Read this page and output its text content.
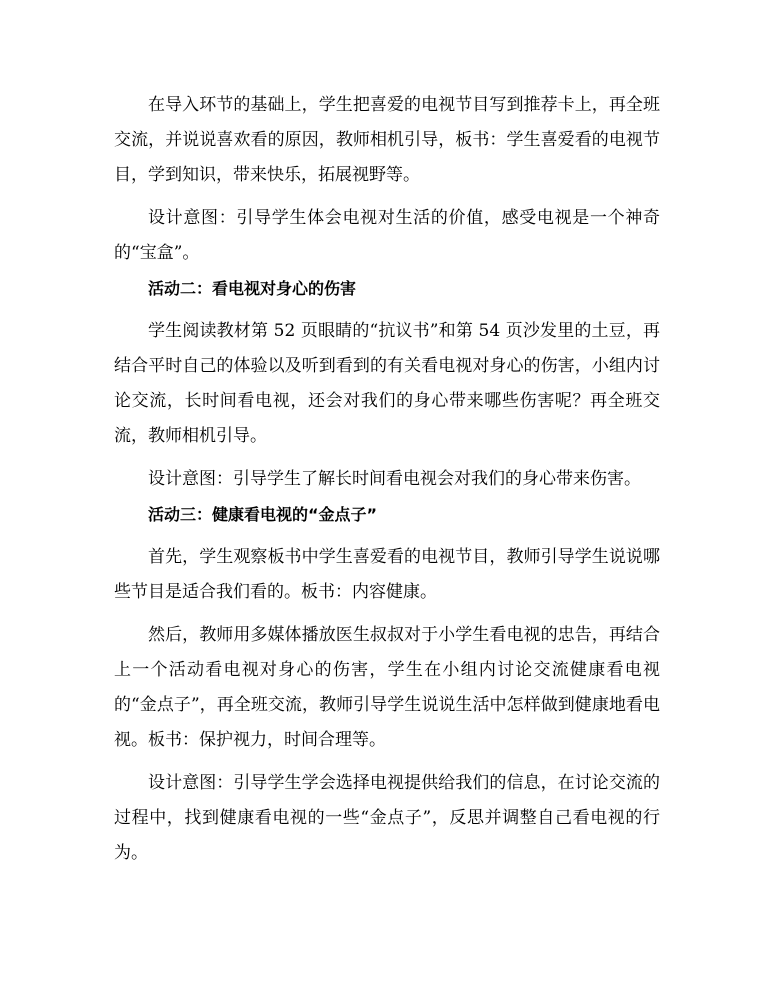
在导入环节的基础上，学生把喜爱的电视节目写到推荐卡上，再全班交流，并说说喜欢看的原因，教师相机引导，板书：学生喜爱看的电视节目，学到知识，带来快乐，拓展视野等。

设计意图：引导学生体会电视对生活的价值，感受电视是一个神奇的“宝盒”。

活动二：看电视对身心的伤害

学生阅读教材第 52 页眼睛的“抗议书”和第 54 页沙发里的土豆，再结合平时自己的体验以及听到看到的有关看电视对身心的伤害，小组内讨论交流，长时间看电视，还会对我们的身心带来哪些伤害呢？再全班交流，教师相机引导。

设计意图：引导学生了解长时间看电视会对我们的身心带来伤害。

活动三：健康看电视的“金点子”

首先，学生观察板书中学生喜爱看的电视节目，教师引导学生说说哪些节目是适合我们看的。板书：内容健康。

然后，教师用多媒体播放医生叔叔对于小学生看电视的忠告，再结合上一个活动看电视对身心的伤害，学生在小组内讨论交流健康看电视的“金点子”，再全班交流，教师引导学生说说生活中怎样做到健康地看电视。板书：保护视力，时间合理等。

设计意图：引导学生学会选择电视提供给我们的信息，在讨论交流的过程中，找到健康看电视的一些“金点子”，反思并调整自己看电视的行为。
